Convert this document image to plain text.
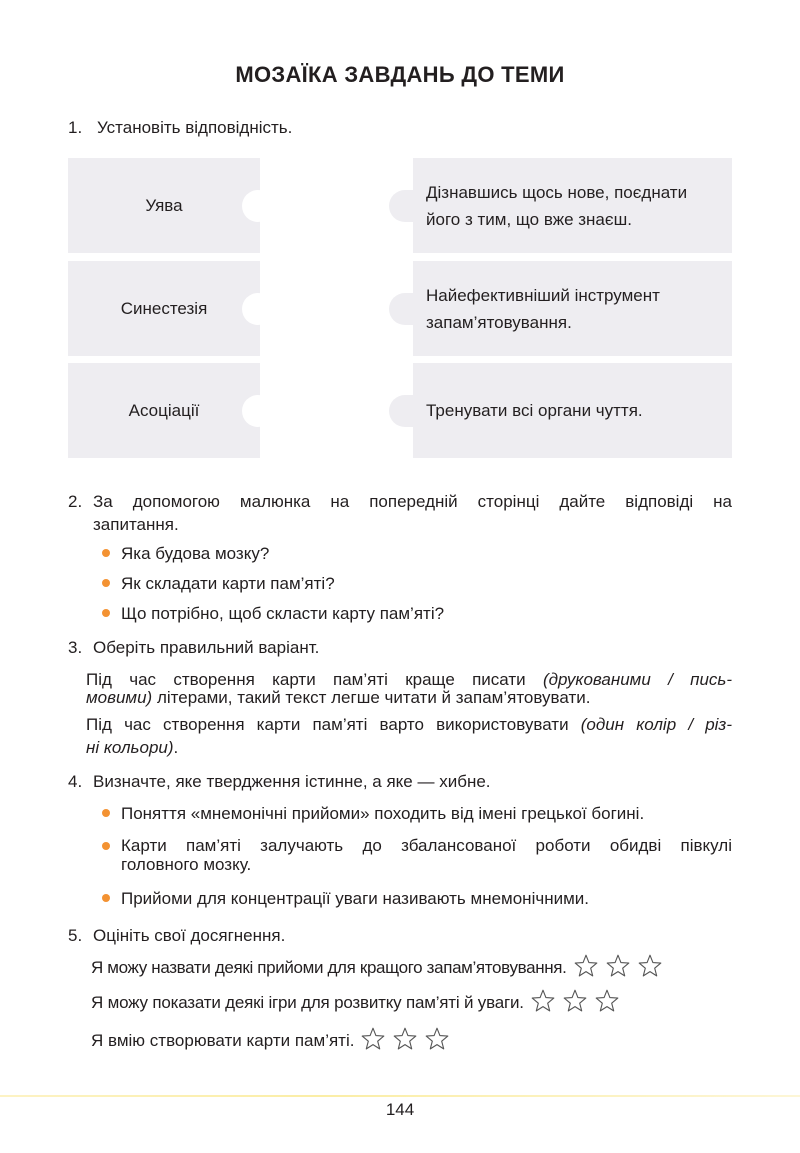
МОЗАЇКА ЗАВДАНЬ ДО ТЕМИ
1. Установіть відповідність.
Уява
Синестезія
Асоціації
Дізнавшись щось нове, поєднати його з тим, що вже знаєш.
Найефективніший інструмент запам’ятовування.
Тренувати всі органи чуття.
2. За допомогою малюнка на попередній сторінці дайте відповіді на
запитання.
Яка будова мозку?
Як складати карти пам’яті?
Що потрібно, щоб скласти карту пам’яті?
3. Оберіть правильний варіант.
Під час створення карти пам’яті краще писати (друкованими / пись-
мовими) літерами, такий текст легше читати й запам’ятовувати.
Під час створення карти пам’яті варто використовувати (один колір / різ-
ні кольори).
4. Визначте, яке твердження істинне, а яке — хибне.
Поняття «мнемонічні прийоми» походить від імені грецької богині.
Карти пам’яті залучають до збалансованої роботи обидві півкулі
головного мозку.
Прийоми для концентрації уваги називають мнемонічними.
5. Оцініть свої досягнення.
Я можу назвати деякі прийоми для кращого запам’ятовування.
Я можу показати деякі ігри для розвитку пам’яті й уваги.
Я вмію створювати карти пам’яті.
144
